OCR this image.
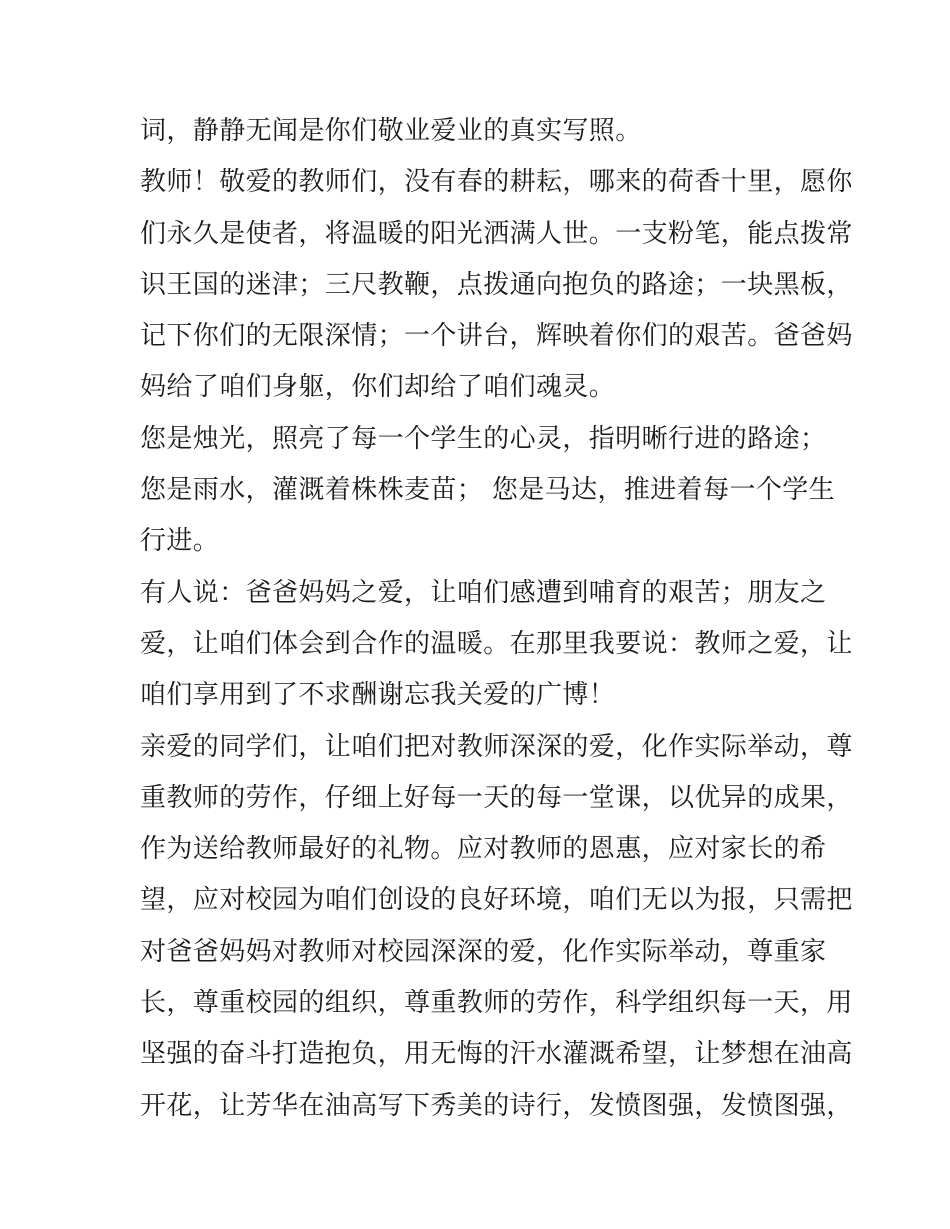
词，静静无闻是你们敬业爱业的真实写照。
教师！敬爱的教师们，没有春的耕耘，哪来的荷香十里，愿你
们永久是使者，将温暖的阳光洒满人世。一支粉笔，能点拨常
识王国的迷津；三尺教鞭，点拨通向抱负的路途；一块黑板，
记下你们的无限深情；一个讲台，辉映着你们的艰苦。爸爸妈
妈给了咱们身躯，你们却给了咱们魂灵。
您是烛光，照亮了每一个学生的心灵，指明晰行进的路途；
您是雨水，灌溉着株株麦苗； 您是马达，推进着每一个学生
行进。
有人说：爸爸妈妈之爱，让咱们感遭到哺育的艰苦；朋友之
爱，让咱们体会到合作的温暖。在那里我要说：教师之爱，让
咱们享用到了不求酬谢忘我关爱的广博！
亲爱的同学们，让咱们把对教师深深的爱，化作实际举动，尊
重教师的劳作，仔细上好每一天的每一堂课，以优异的成果，
作为送给教师最好的礼物。应对教师的恩惠，应对家长的希
望，应对校园为咱们创设的良好环境，咱们无以为报，只需把
对爸爸妈妈对教师对校园深深的爱，化作实际举动，尊重家
长，尊重校园的组织，尊重教师的劳作，科学组织每一天，用
坚强的奋斗打造抱负，用无悔的汗水灌溉希望，让梦想在油高
开花，让芳华在油高写下秀美的诗行，发愤图强，发愤图强，
